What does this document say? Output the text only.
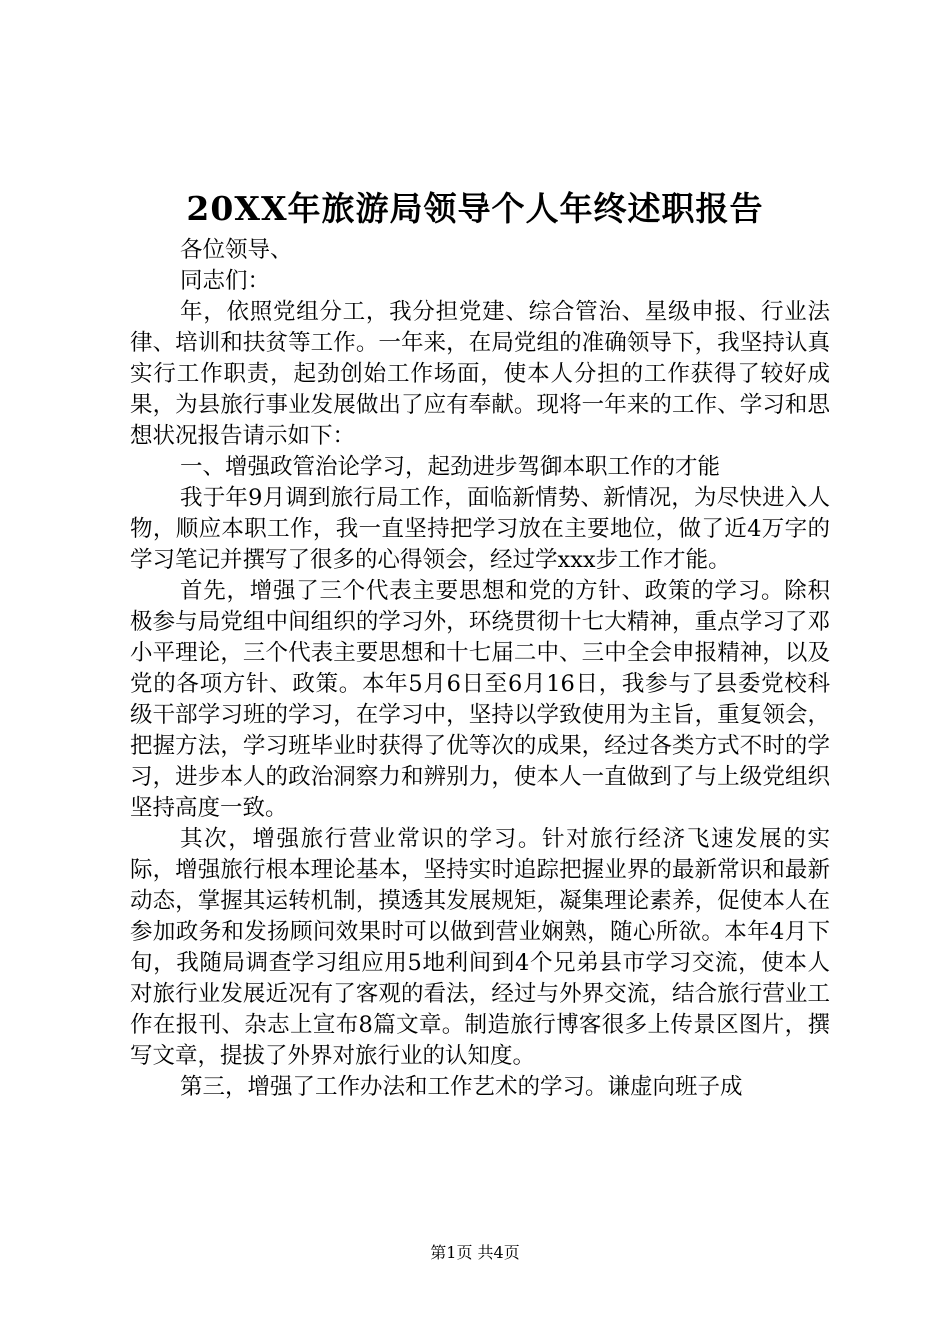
20XX年旅游局领导个人年终述职报告

各位领导、

同志们：

年，依照党组分工，我分担党建、综合管治、星级申报、行业法律、培训和扶贫等工作。一年来，在局党组的准确领导下，我坚持认真实行工作职责，起劲创始工作场面，使本人分担的工作获得了较好成果，为县旅行事业发展做出了应有奉献。现将一年来的工作、学习和思想状况报告请示如下：

一、增强政管治论学习，起劲进步驾御本职工作的才能

我于年9月调到旅行局工作，面临新情势、新情况，为尽快进入人物，顺应本职工作，我一直坚持把学习放在主要地位，做了近4万字的学习笔记并撰写了很多的心得领会，经过学xxx步工作才能。

首先，增强了三个代表主要思想和党的方针、政策的学习。除积极参与局党组中间组织的学习外，环绕贯彻十七大精神，重点学习了邓小平理论，三个代表主要思想和十七届二中、三中全会申报精神，以及党的各项方针、政策。本年5月6日至6月16日，我参与了县委党校科级干部学习班的学习，在学习中，坚持以学致使用为主旨，重复领会，把握方法，学习班毕业时获得了优等次的成果，经过各类方式不时的学习，进步本人的政治洞察力和辨别力，使本人一直做到了与上级党组织坚持高度一致。

其次，增强旅行营业常识的学习。针对旅行经济飞速发展的实际，增强旅行根本理论基本，坚持实时追踪把握业界的最新常识和最新动态，掌握其运转机制，摸透其发展规矩，凝集理论素养，促使本人在参加政务和发扬顾问效果时可以做到营业娴熟，随心所欲。本年4月下旬，我随局调查学习组应用5地利间到4个兄弟县市学习交流，使本人对旅行业发展近况有了客观的看法，经过与外界交流，结合旅行营业工作在报刊、杂志上宣布8篇文章。制造旅行博客很多上传景区图片，撰写文章，提拔了外界对旅行业的认知度。

第三，增强了工作办法和工作艺术的学习。谦虚向班子成

第1页 共4页
